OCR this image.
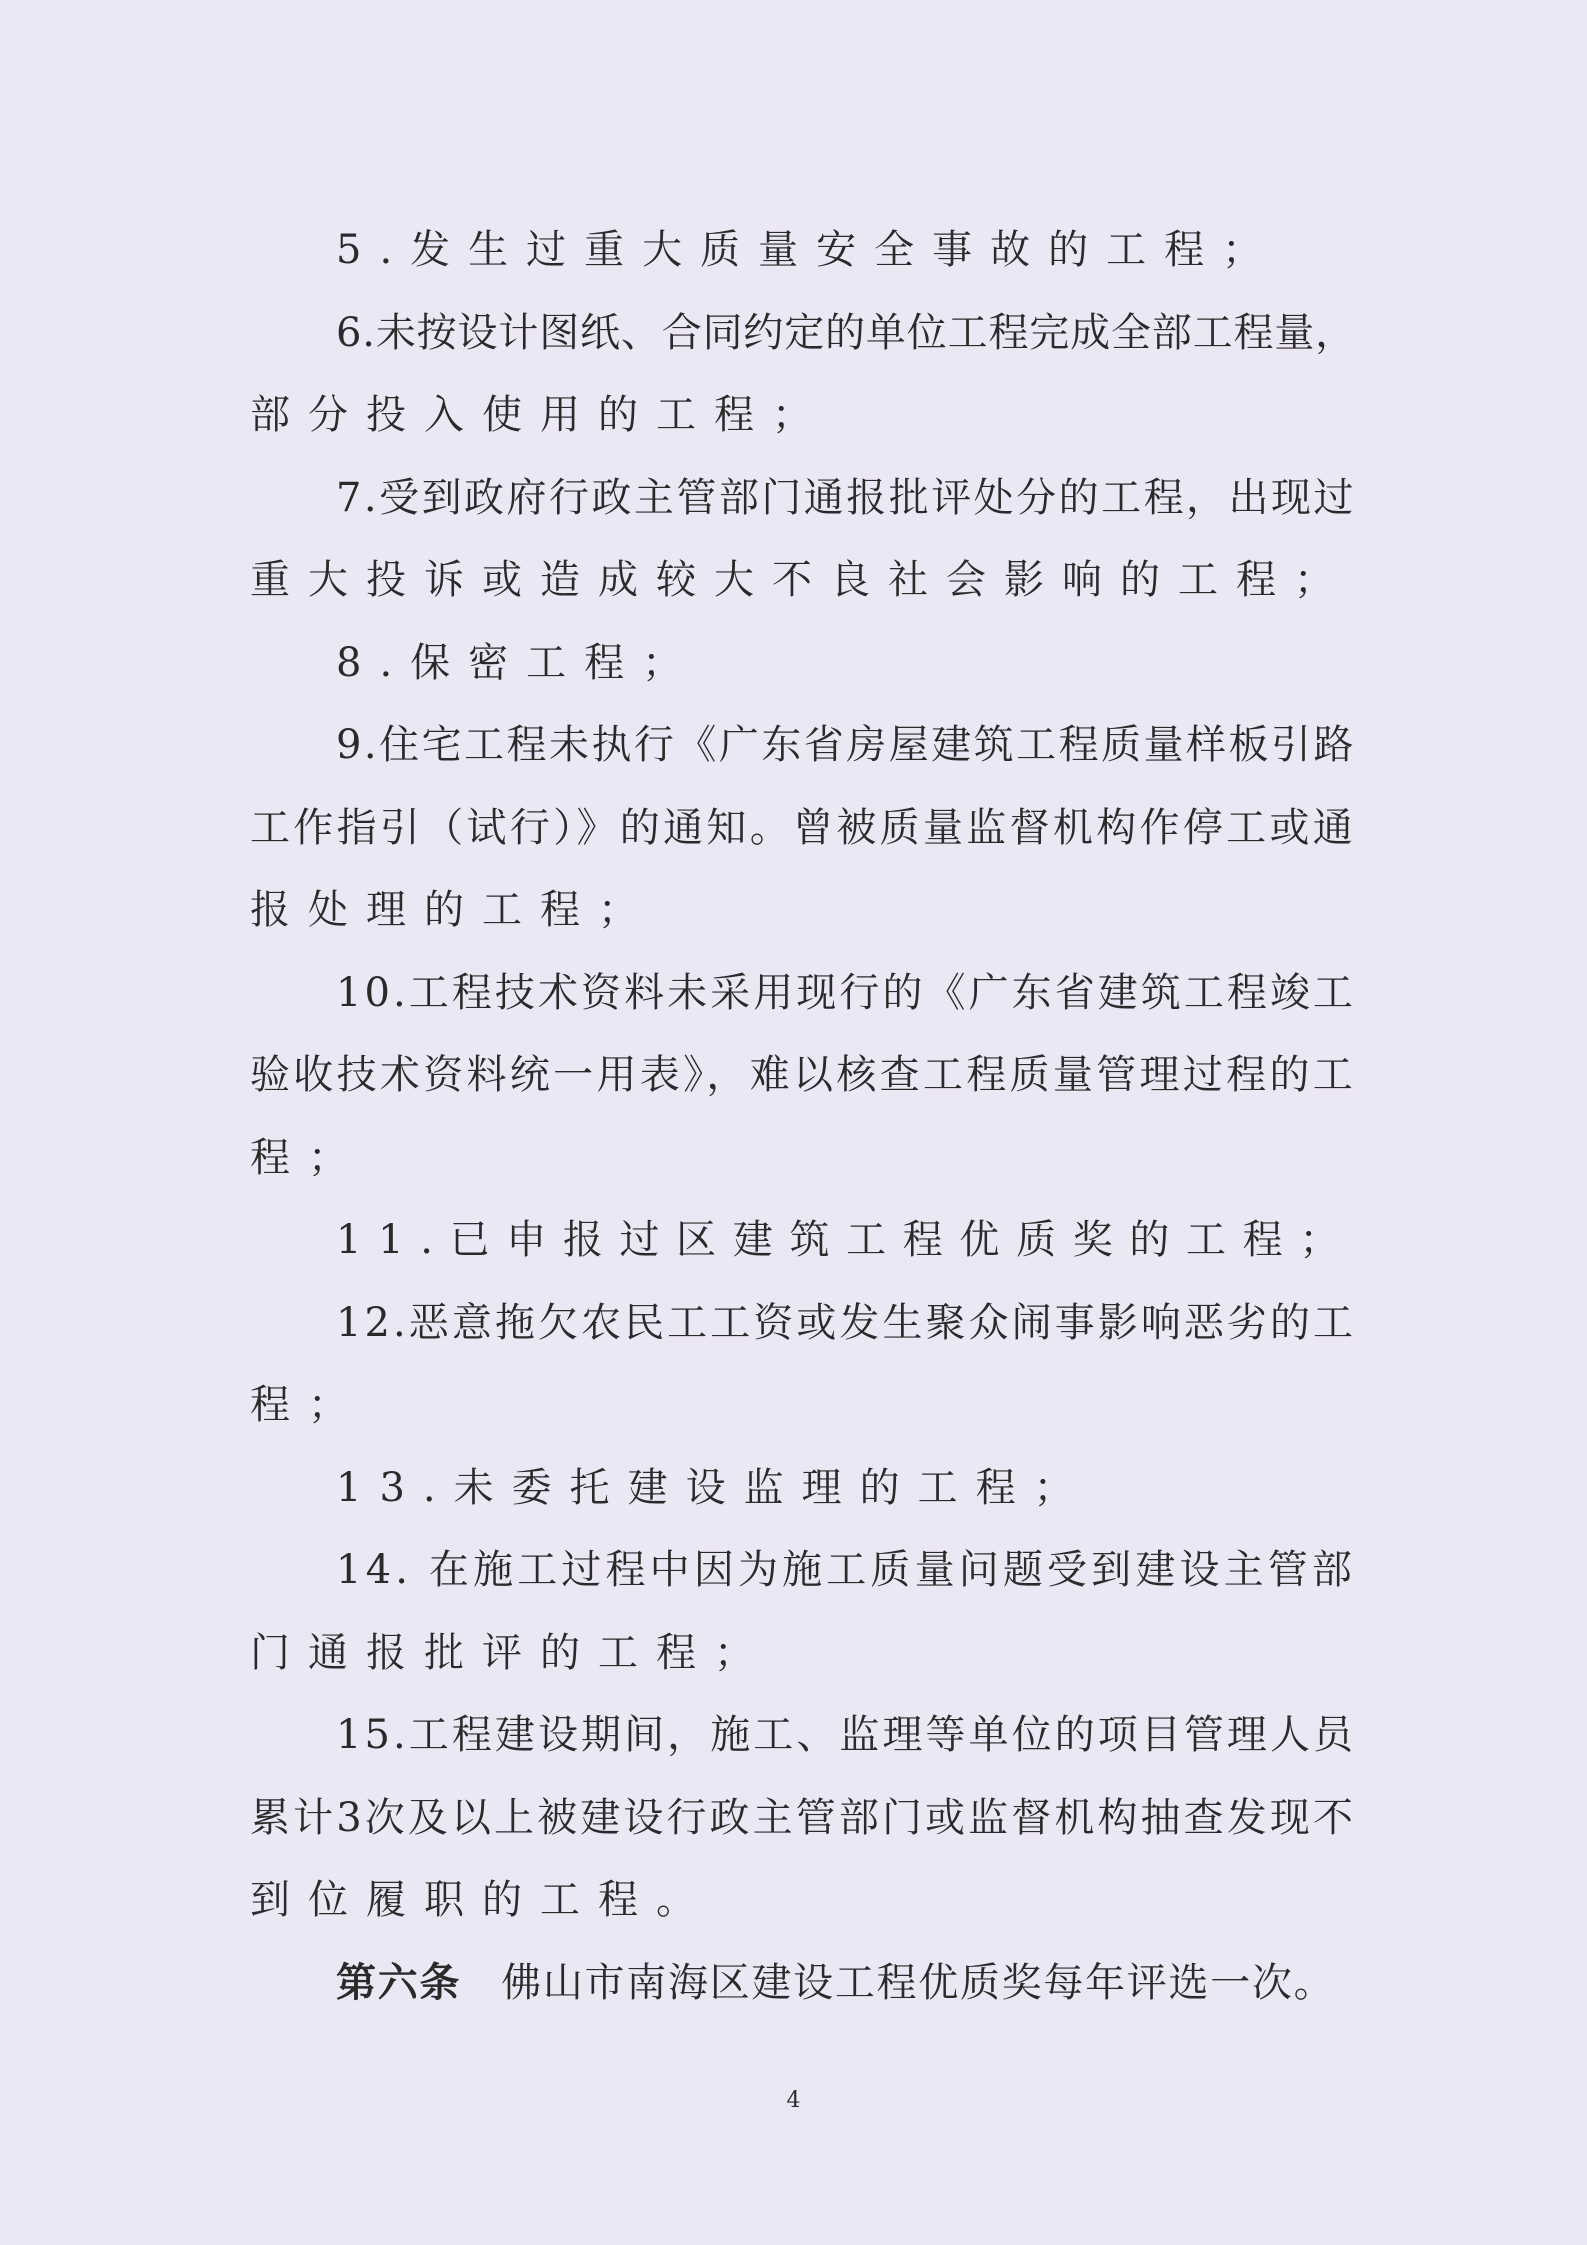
5.发生过重大质量安全事故的工程；
6.未按设计图纸、合同约定的单位工程完成全部工程量，
部分投入使用的工程；
7.受到政府行政主管部门通报批评处分的工程，出现过
重大投诉或造成较大不良社会影响的工程；
8.保密工程；
9.住宅工程未执行《广东省房屋建筑工程质量样板引路
工作指引（试行）》的通知。曾被质量监督机构作停工或通
报处理的工程；
10.工程技术资料未采用现行的《广东省建筑工程竣工
验收技术资料统一用表》，难以核查工程质量管理过程的工
程；
11.已申报过区建筑工程优质奖的工程；
12.恶意拖欠农民工工资或发生聚众闹事影响恶劣的工
程；
13.未委托建设监理的工程；
14. 在施工过程中因为施工质量问题受到建设主管部
门通报批评的工程；
15.工程建设期间，施工、监理等单位的项目管理人员
累计3次及以上被建设行政主管部门或监督机构抽查发现不
到位履职的工程。
第六条 佛山市南海区建设工程优质奖每年评选一次。
4
